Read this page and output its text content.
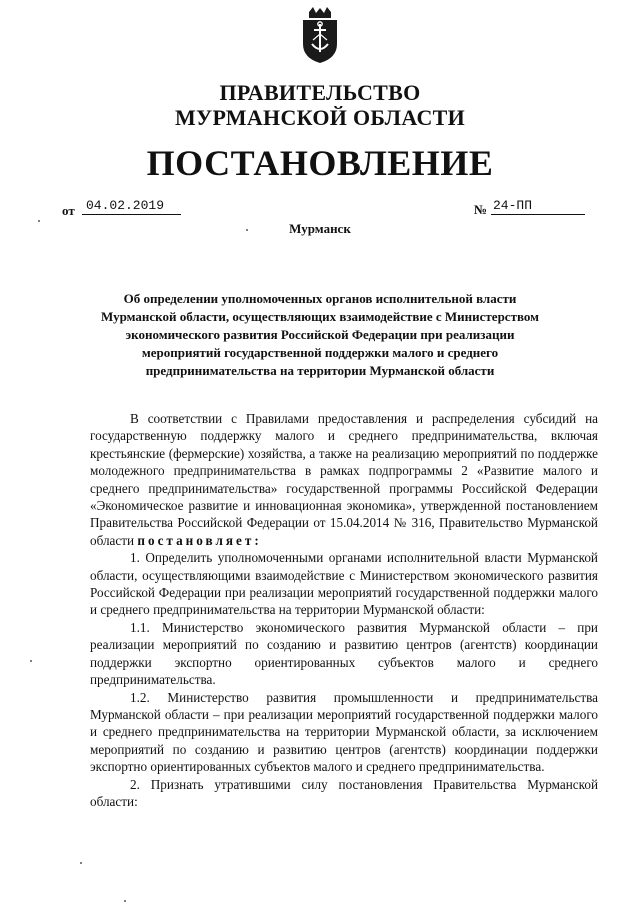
ПРАВИТЕЛЬСТВО
МУРМАНСКОЙ ОБЛАСТИ
ПОСТАНОВЛЕНИЕ
от 04.02.2019	№ 24-ПП
Мурманск
Об определении уполномоченных органов исполнительной власти Мурманской области, осуществляющих взаимодействие с Министерством экономического развития Российской Федерации при реализации мероприятий государственной поддержки малого и среднего предпринимательства на территории Мурманской области

В соответствии с Правилами предоставления и распределения субсидий на государственную поддержку малого и среднего предпринимательства, включая крестьянские (фермерские) хозяйства, а также на реализацию мероприятий по поддержке молодежного предпринимательства в рамках подпрограммы 2 «Развитие малого и среднего предпринимательства» государственной программы Российской Федерации «Экономическое развитие и инновационная экономика», утвержденной постановлением Правительства Российской Федерации от 15.04.2014 № 316, Правительство Мурманской области постановляет:

1. Определить уполномоченными органами исполнительной власти Мурманской области, осуществляющими взаимодействие с Министерством экономического развития Российской Федерации при реализации мероприятий государственной поддержки малого и среднего предпринимательства на территории Мурманской области:

1.1. Министерство экономического развития Мурманской области – при реализации мероприятий по созданию и развитию центров (агентств) координации поддержки экспортно ориентированных субъектов малого и среднего предпринимательства.

1.2. Министерство развития промышленности и предпринимательства Мурманской области – при реализации мероприятий государственной поддержки малого и среднего предпринимательства на территории Мурманской области, за исключением мероприятий по созданию и развитию центров (агентств) координации поддержки экспортно ориентированных субъектов малого и среднего предпринимательства.

2. Признать утратившими силу постановления Правительства Мурманской области:
